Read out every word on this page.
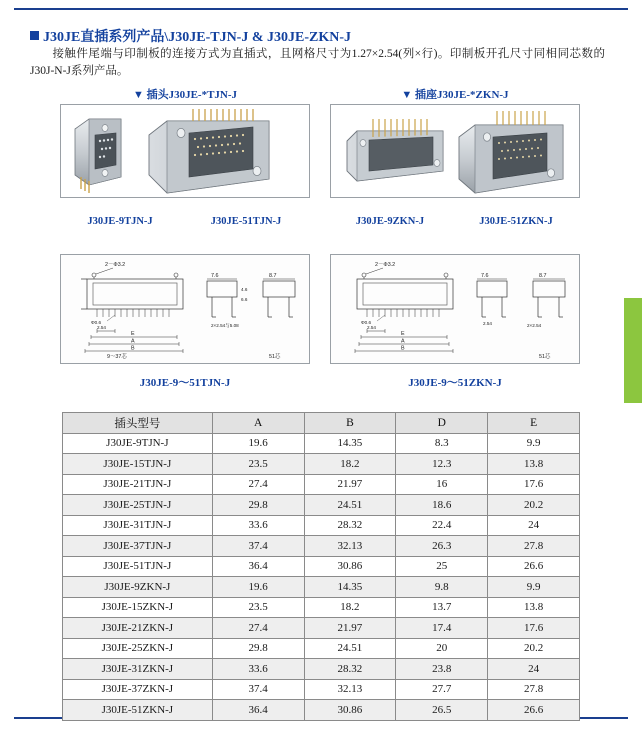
J30JE直插系列产品\J30JE-TJN-J & J30JE-ZKN-J
接触件尾端与印制板的连接方式为直插式，且网格尺寸为1.27×2.54(列×行)。印制板开孔尺寸同相同芯数的J30J-N-J系列产品。
▼ 插头J30JE-*TJN-J	▼ 插座J30JE-*ZKN-J
J30JE-9TJN-J	J30JE-51TJN-J	J30JE-9ZKN-J	J30JE-51ZKN-J
2－Φ3.2
Φ0.6
2.54
E
A
B
9～37芯
7.6
4.6
6.6
2×2.54与5.08
8.7
51芯
2－Φ3.2
Φ0.6
2.54
E
A
B
7.6
2.54
8.7
2×2.54
51芯
J30JE-9～51TJN-J	J30JE-9～51ZKN-J
插头型号	A	B	D	E
J30JE-9TJN-J	19.6	14.35	8.3	9.9
J30JE-15TJN-J	23.5	18.2	12.3	13.8
J30JE-21TJN-J	27.4	21.97	16	17.6
J30JE-25TJN-J	29.8	24.51	18.6	20.2
J30JE-31TJN-J	33.6	28.32	22.4	24
J30JE-37TJN-J	37.4	32.13	26.3	27.8
J30JE-51TJN-J	36.4	30.86	25	26.6
J30JE-9ZKN-J	19.6	14.35	9.8	9.9
J30JE-15ZKN-J	23.5	18.2	13.7	13.8
J30JE-21ZKN-J	27.4	21.97	17.4	17.6
J30JE-25ZKN-J	29.8	24.51	20	20.2
J30JE-31ZKN-J	33.6	28.32	23.8	24
J30JE-37ZKN-J	37.4	32.13	27.7	27.8
J30JE-51ZKN-J	36.4	30.86	26.5	26.6
